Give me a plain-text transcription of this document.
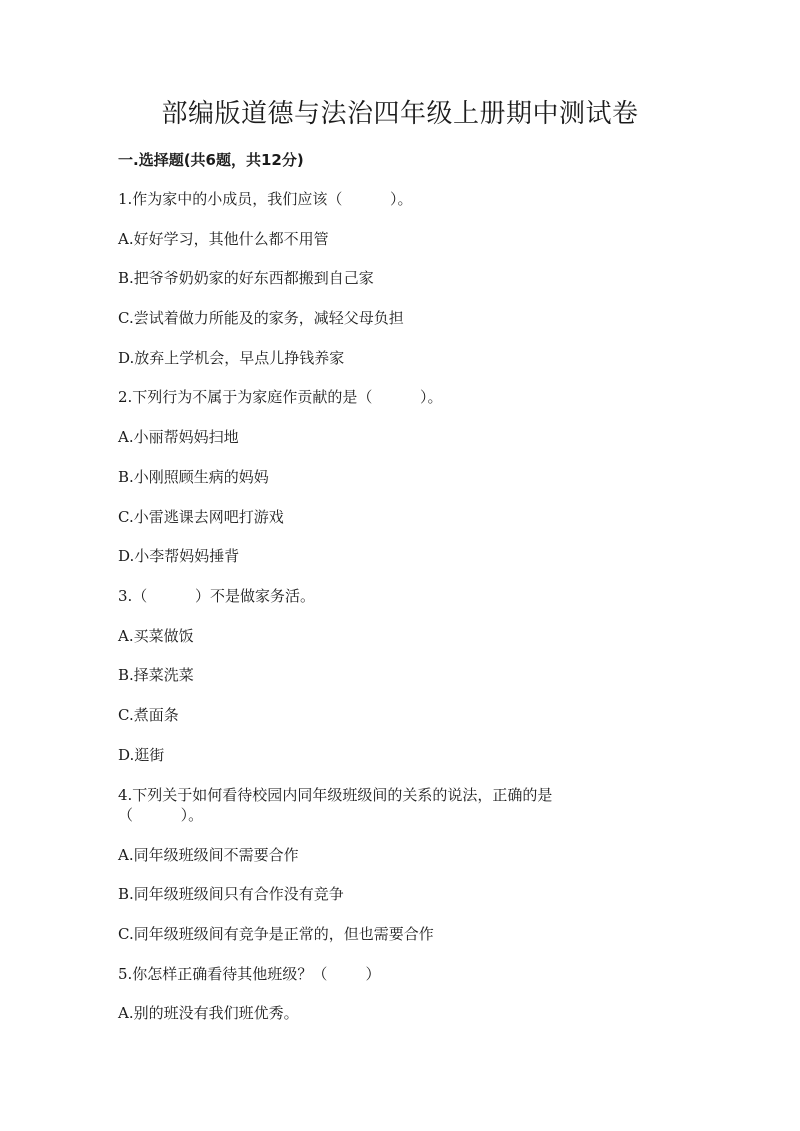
部编版道德与法治四年级上册期中测试卷
一.选择题(共6题，共12分)
1.作为家中的小成员，我们应该（          ）。
A.好好学习，其他什么都不用管
B.把爷爷奶奶家的好东西都搬到自己家
C.尝试着做力所能及的家务，减轻父母负担
D.放弃上学机会，早点儿挣钱养家
2.下列行为不属于为家庭作贡献的是（          ）。
A.小丽帮妈妈扫地
B.小刚照顾生病的妈妈
C.小雷逃课去网吧打游戏
D.小李帮妈妈捶背
3.（          ）不是做家务活。
A.买菜做饭
B.择菜洗菜
C.煮面条
D.逛街
4.下列关于如何看待校园内同年级班级间的关系的说法，正确的是
（          ）。
A.同年级班级间不需要合作
B.同年级班级间只有合作没有竞争
C.同年级班级间有竞争是正常的，但也需要合作
5.你怎样正确看待其他班级？（        ）
A.别的班没有我们班优秀。
